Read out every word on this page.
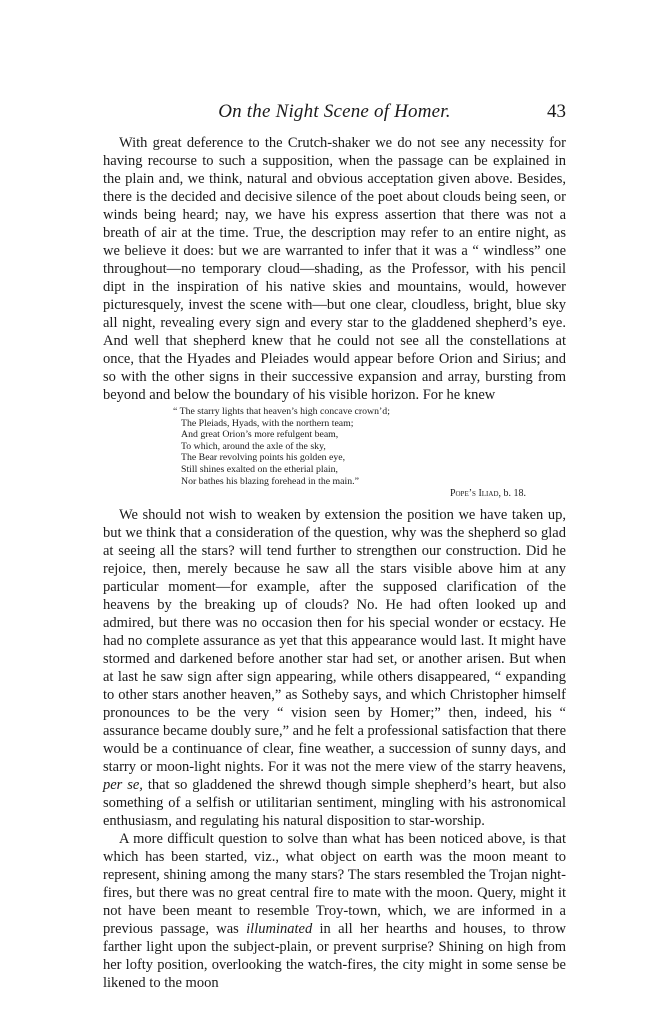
On the Night Scene of Homer.	43

With great deference to the Crutch-shaker we do not see any necessity for having recourse to such a supposition, when the passage can be explained in the plain and, we think, natural and obvious acceptation given above. Besides, there is the decided and decisive silence of the poet about clouds being seen, or winds being heard; nay, we have his express assertion that there was not a breath of air at the time. True, the description may refer to an entire night, as we believe it does: but we are warranted to infer that it was a “ windless” one throughout—no temporary cloud—shading, as the Professor, with his pencil dipt in the inspiration of his native skies and mountains, would, however picturesquely, invest the scene with—but one clear, cloudless, bright, blue sky all night, revealing every sign and every star to the gladdened shepherd’s eye. And well that shepherd knew that he could not see all the constellations at once, that the Hyades and Pleiades would appear before Orion and Sirius; and so with the other signs in their successive expansion and array, bursting from beyond and below the boundary of his visible horizon. For he knew

“ The starry lights that heaven’s high concave crown’d;
The Pleiads, Hyads, with the northern team;
And great Orion’s more refulgent beam,
To which, around the axle of the sky,
The Bear revolving points his golden eye,
Still shines exalted on the etherial plain,
Nor bathes his blazing forehead in the main.”
Pope’s Iliad, b. 18.

We should not wish to weaken by extension the position we have taken up, but we think that a consideration of the question, why was the shepherd so glad at seeing all the stars? will tend further to strengthen our construction. Did he rejoice, then, merely because he saw all the stars visible above him at any particular moment—for example, after the supposed clarification of the heavens by the breaking up of clouds? No. He had often looked up and admired, but there was no occasion then for his special wonder or ecstacy. He had no complete assurance as yet that this appearance would last. It might have stormed and darkened before another star had set, or another arisen. But when at last he saw sign after sign appearing, while others disappeared, “ expanding to other stars another heaven,” as Sotheby says, and which Christopher himself pronounces to be the very “ vision seen by Homer;” then, indeed, his “ assurance became doubly sure,” and he felt a professional satisfaction that there would be a continuance of clear, fine weather, a succession of sunny days, and starry or moon-light nights. For it was not the mere view of the starry heavens, per se, that so gladdened the shrewd though simple shepherd’s heart, but also something of a selfish or utilitarian sentiment, mingling with his astronomical enthusiasm, and regulating his natural disposition to star-worship.

A more difficult question to solve than what has been noticed above, is that which has been started, viz., what object on earth was the moon meant to represent, shining among the many stars? The stars resembled the Trojan night-fires, but there was no great central fire to mate with the moon. Query, might it not have been meant to resemble Troy-town, which, we are informed in a previous passage, was illuminated in all her hearths and houses, to throw farther light upon the subject-plain, or prevent surprise? Shining on high from her lofty position, overlooking the watch-fires, the city might in some sense be likened to the moon
